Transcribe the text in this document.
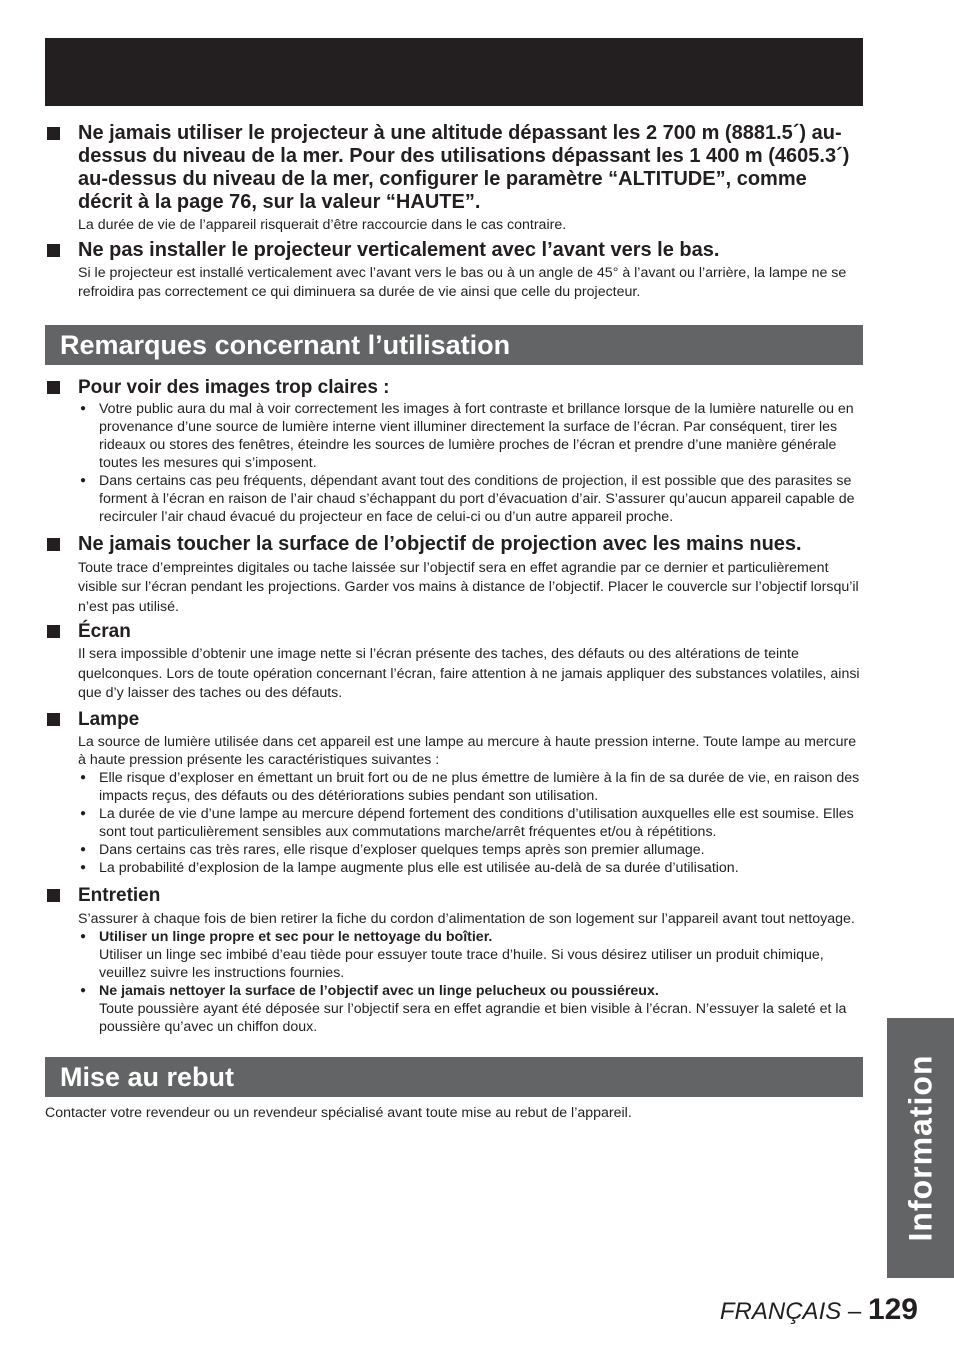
Ne jamais utiliser le projecteur à une altitude dépassant les 2 700 m (8881.5´) au-dessus du niveau de la mer. Pour des utilisations dépassant les 1 400 m (4605.3´) au-dessus du niveau de la mer, configurer le paramètre “ALTITUDE”, comme décrit à la page 76, sur la valeur “HAUTE”.

La durée de vie de l’appareil risquerait d’être raccourcie dans le cas contraire.

Ne pas installer le projecteur verticalement avec l’avant vers le bas.

Si le projecteur est installé verticalement avec l’avant vers le bas ou à un angle de 45° à l’avant ou l’arrière, la lampe ne se refroidira pas correctement ce qui diminuera sa durée de vie ainsi que celle du projecteur.

Remarques concernant l’utilisation
Pour voir des images trop claires :
● Votre public aura du mal à voir correctement les images à fort contraste et brillance lorsque de la lumière naturelle ou en provenance d’une source de lumière interne vient illuminer directement la surface de l’écran. Par conséquent, tirer les rideaux ou stores des fenêtres, éteindre les sources de lumière proches de l’écran et prendre d’une manière générale toutes les mesures qui s’imposent.
● Dans certains cas peu fréquents, dépendant avant tout des conditions de projection, il est possible que des parasites se forment à l’écran en raison de l’air chaud s’échappant du port d’évacuation d’air. S’assurer qu’aucun appareil capable de recirculer l’air chaud évacué du projecteur en face de celui-ci ou d’un autre appareil proche.
Ne jamais toucher la surface de l’objectif de projection avec les mains nues.

Toute trace d’empreintes digitales ou tache laissée sur l’objectif sera en effet agrandie par ce dernier et particulièrement visible sur l’écran pendant les projections. Garder vos mains à distance de l’objectif. Placer le couvercle sur l’objectif lorsqu’il n’est pas utilisé.

Écran

Il sera impossible d’obtenir une image nette si l’écran présente des taches, des défauts ou des altérations de teinte quelconques. Lors de toute opération concernant l’écran, faire attention à ne jamais appliquer des substances volatiles, ainsi que d’y laisser des taches ou des défauts.

Lampe

La source de lumière utilisée dans cet appareil est une lampe au mercure à haute pression interne. Toute lampe au mercure à haute pression présente les caractéristiques suivantes :

● Elle risque d’exploser en émettant un bruit fort ou de ne plus émettre de lumière à la fin de sa durée de vie, en raison des impacts reçus, des défauts ou des détériorations subies pendant son utilisation.
● La durée de vie d’une lampe au mercure dépend fortement des conditions d’utilisation auxquelles elle est soumise. Elles sont tout particulièrement sensibles aux commutations marche/arrêt fréquentes et/ou à répétitions.
● Dans certains cas très rares, elle risque d’exploser quelques temps après son premier allumage.
● La probabilité d’explosion de la lampe augmente plus elle est utilisée au-delà de sa durée d’utilisation.
Entretien

S’assurer à chaque fois de bien retirer la fiche du cordon d’alimentation de son logement sur l’appareil avant tout nettoyage.

● Utiliser un linge propre et sec pour le nettoyage du boîtier.
Utiliser un linge sec imbibé d’eau tiède pour essuyer toute trace d’huile. Si vous désirez utiliser un produit chimique, veuillez suivre les instructions fournies.
● Ne jamais nettoyer la surface de l’objectif avec un linge pelucheux ou poussiéreux.
Toute poussière ayant été déposée sur l’objectif sera en effet agrandie et bien visible à l’écran. N’essuyer la saleté et la poussière qu’avec un chiffon doux.
Mise au rebut

Contacter votre revendeur ou un revendeur spécialisé avant toute mise au rebut de l’appareil.	Information
FRANÇAIS – 129
